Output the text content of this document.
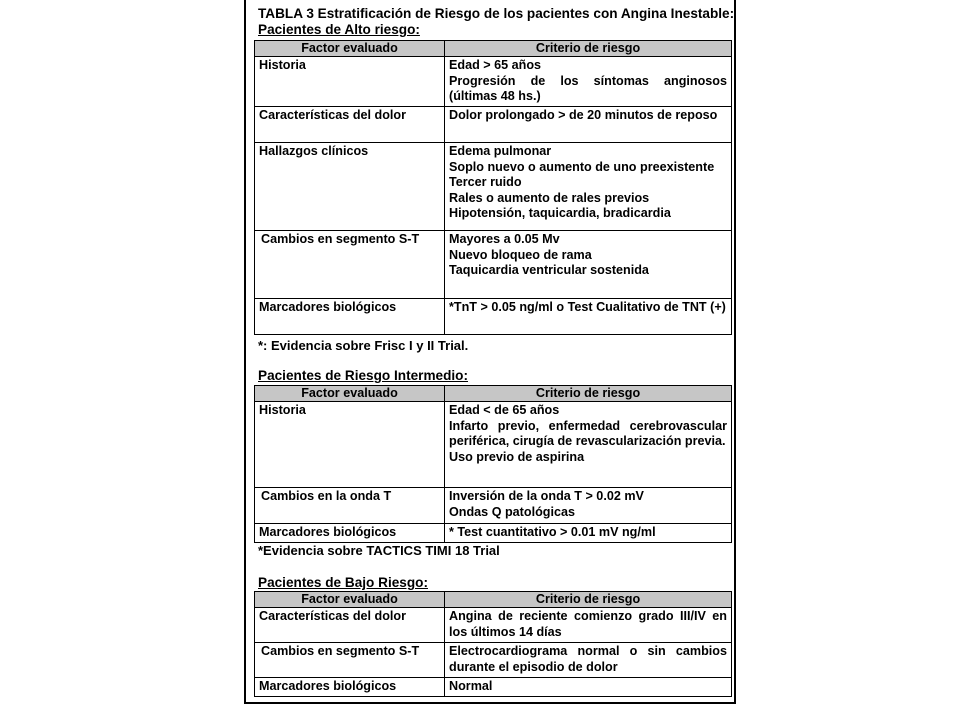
TABLA 3 Estratificación de Riesgo de los pacientes con Angina Inestable:
Pacientes de Alto riesgo:
Factor evaluado	Criterio de riesgo
Historia	Edad > 65 años
Progresión de los síntomas anginosos (últimas 48 hs.)

Características del dolor	Dolor prolongado > de 20 minutos de reposo

Hallazgos clínicos	Edema pulmonar
Soplo nuevo o aumento de uno preexistente
Tercer ruido
Rales o aumento de rales previos
Hipotensión, taquicardia, bradicardia

Cambios en segmento S-T	Mayores a 0.05 Mv
Nuevo bloqueo de rama
Taquicardia ventricular sostenida

Marcadores biológicos	*TnT > 0.05 ng/ml o Test Cualitativo de TNT (+)
*: Evidencia sobre Frisc I y II Trial.
Pacientes de Riesgo Intermedio:
Factor evaluado	Criterio de riesgo
Historia	Edad < de 65 años
Infarto previo, enfermedad cerebrovascular periférica, cirugía de revascularización previa.
Uso previo de aspirina

Cambios en la onda T	Inversión de la onda T > 0.02 mV
Ondas Q patológicas

Marcadores biológicos	* Test cuantitativo > 0.01 mV ng/ml
*Evidencia sobre TACTICS TIMI 18 Trial
Pacientes de Bajo Riesgo:
Factor evaluado	Criterio de riesgo
Características del dolor	Angina de reciente comienzo grado III/IV en los últimos 14 días

Cambios en segmento S-T	Electrocardiograma normal o sin cambios durante el episodio de dolor

Marcadores biológicos	Normal
